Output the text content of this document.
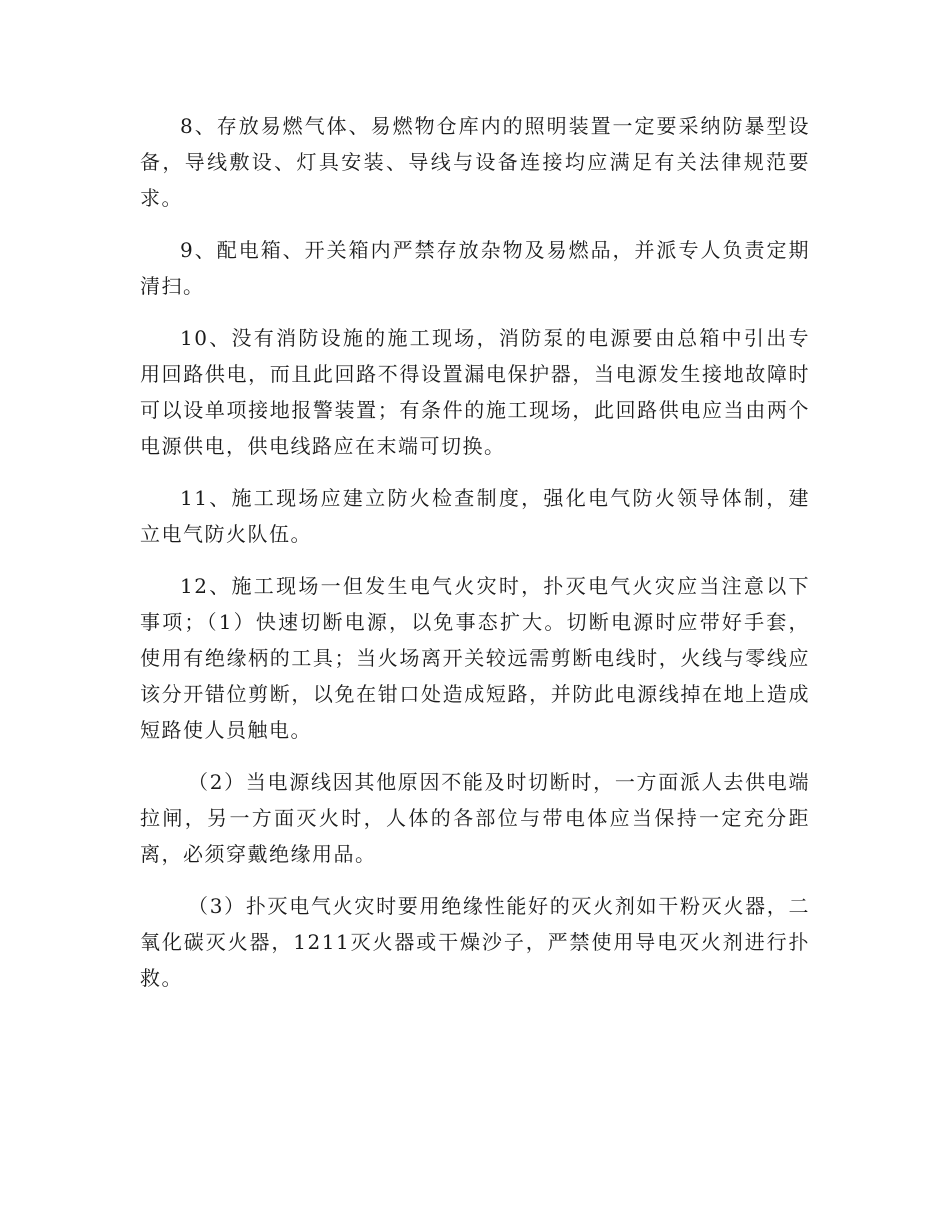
8、存放易燃气体、易燃物仓库内的照明装置一定要采纳防暴型设备，导线敷设、灯具安装、导线与设备连接均应满足有关法律规范要求。

9、配电箱、开关箱内严禁存放杂物及易燃品，并派专人负责定期清扫。

10、没有消防设施的施工现场，消防泵的电源要由总箱中引出专用回路供电，而且此回路不得设置漏电保护器，当电源发生接地故障时可以设单项接地报警装置；有条件的施工现场，此回路供电应当由两个电源供电，供电线路应在末端可切换。

11、施工现场应建立防火检查制度，强化电气防火领导体制，建立电气防火队伍。

12、施工现场一但发生电气火灾时，扑灭电气火灾应当注意以下事项；（1）快速切断电源，以免事态扩大。切断电源时应带好手套，使用有绝缘柄的工具；当火场离开关较远需剪断电线时，火线与零线应该分开错位剪断，以免在钳口处造成短路，并防此电源线掉在地上造成短路使人员触电。

（2）当电源线因其他原因不能及时切断时，一方面派人去供电端拉闸，另一方面灭火时，人体的各部位与带电体应当保持一定充分距离，必须穿戴绝缘用品。

（3）扑灭电气火灾时要用绝缘性能好的灭火剂如干粉灭火器，二氧化碳灭火器，1211灭火器或干燥沙子，严禁使用导电灭火剂进行扑救。
